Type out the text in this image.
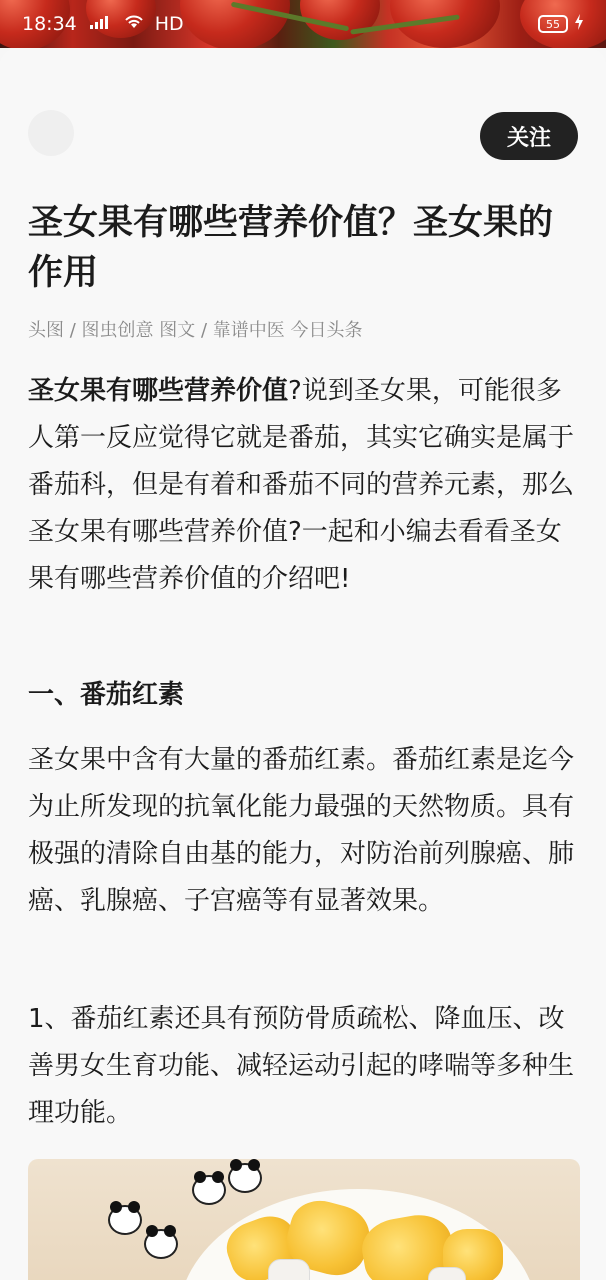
18:34	HD	55
关注
圣女果有哪些营养价值？圣女果的作用
头图 / 图虫创意 图文 / 靠谱中医 今日头条

圣女果有哪些营养价值?说到圣女果，可能很多人第一反应觉得它就是番茄，其实它确实是属于番茄科，但是有着和番茄不同的营养元素，那么圣女果有哪些营养价值?一起和小编去看看圣女果有哪些营养价值的介绍吧!

一、番茄红素

圣女果中含有大量的番茄红素。番茄红素是迄今为止所发现的抗氧化能力最强的天然物质。具有极强的清除自由基的能力，对防治前列腺癌、肺癌、乳腺癌、子宫癌等有显著效果。

1、番茄红素还具有预防骨质疏松、降血压、改善男女生育功能、减轻运动引起的哮喘等多种生理功能。
